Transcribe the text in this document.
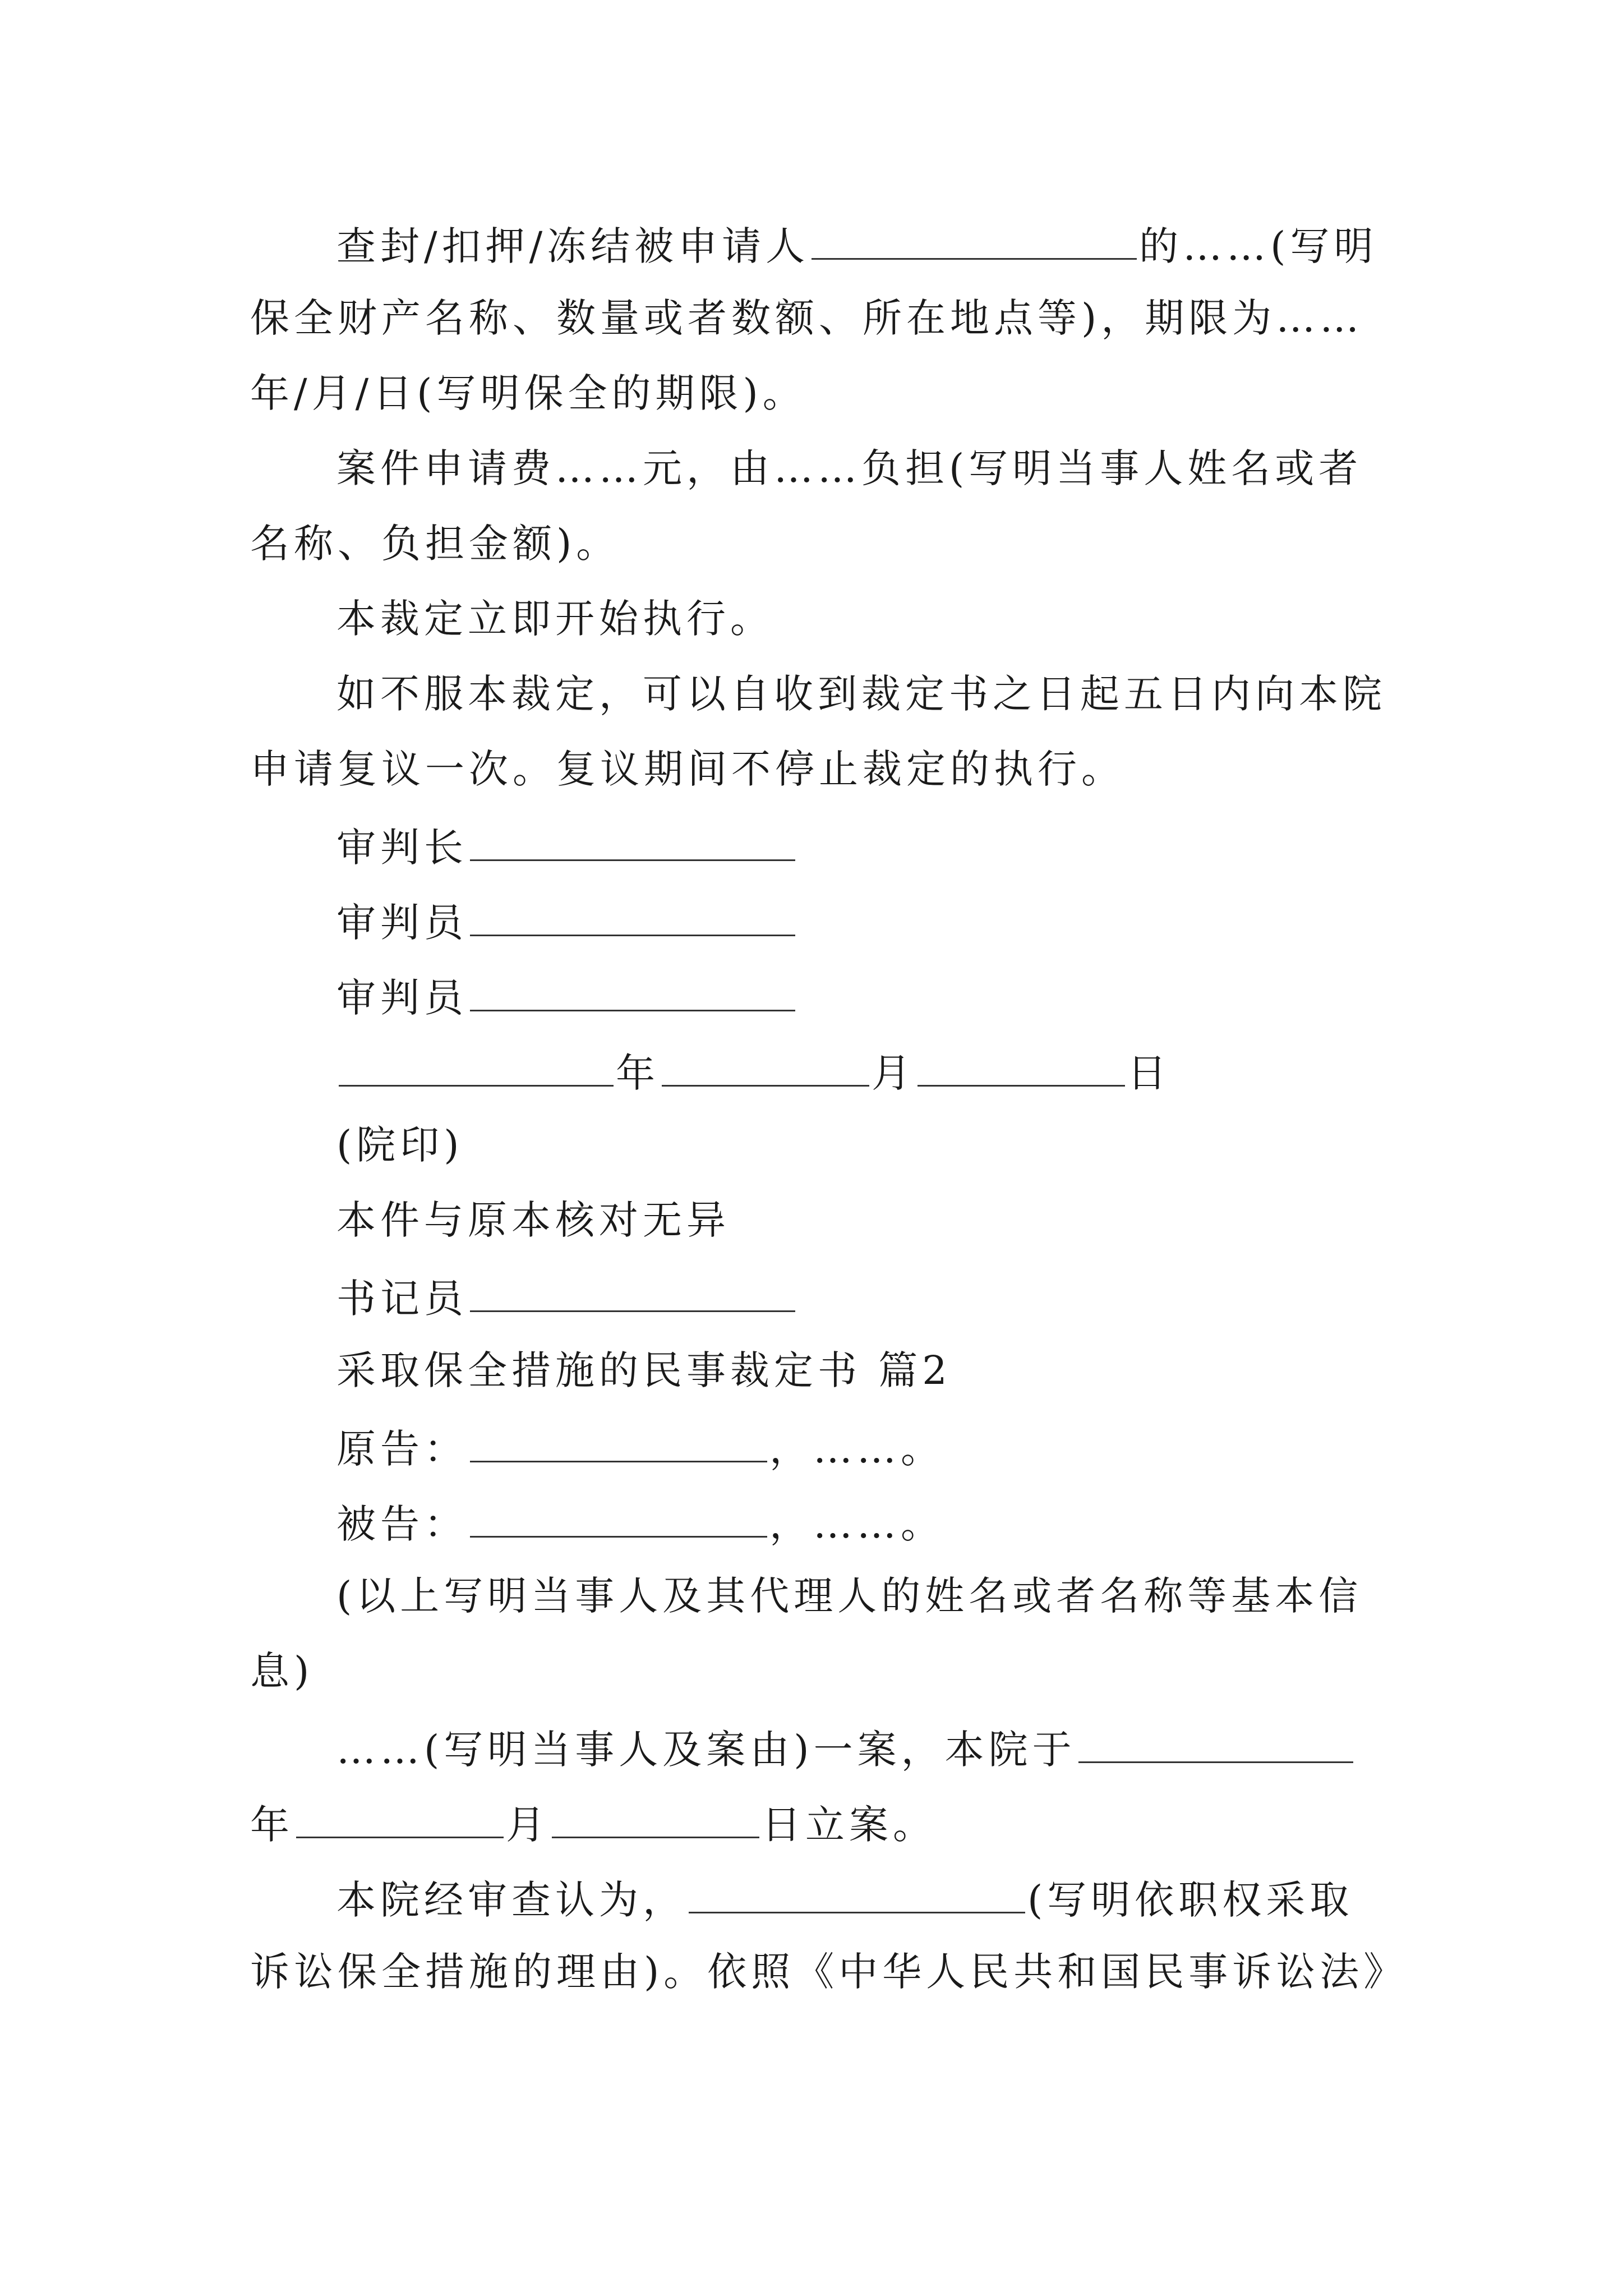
查封/扣押/冻结被申请人	的……(写明
保全财产名称、数量或者数额、所在地点等)，期限为……
年/月/日(写明保全的期限)。
案件申请费……元，由……负担(写明当事人姓名或者
名称、负担金额)。
本裁定立即开始执行。
如不服本裁定，可以自收到裁定书之日起五日内向本院
申请复议一次。复议期间不停止裁定的执行。
审判长
审判员
审判员
年	月	日
(院印)
本件与原本核对无异
书记员
采取保全措施的民事裁定书 篇2
原告：	，……。
被告：	，……。
(以上写明当事人及其代理人的姓名或者名称等基本信
息)
……(写明当事人及案由)一案，本院于
年	月	日立案。
本院经审查认为，	(写明依职权采取
诉讼保全措施的理由)。依照《中华人民共和国民事诉讼法》
